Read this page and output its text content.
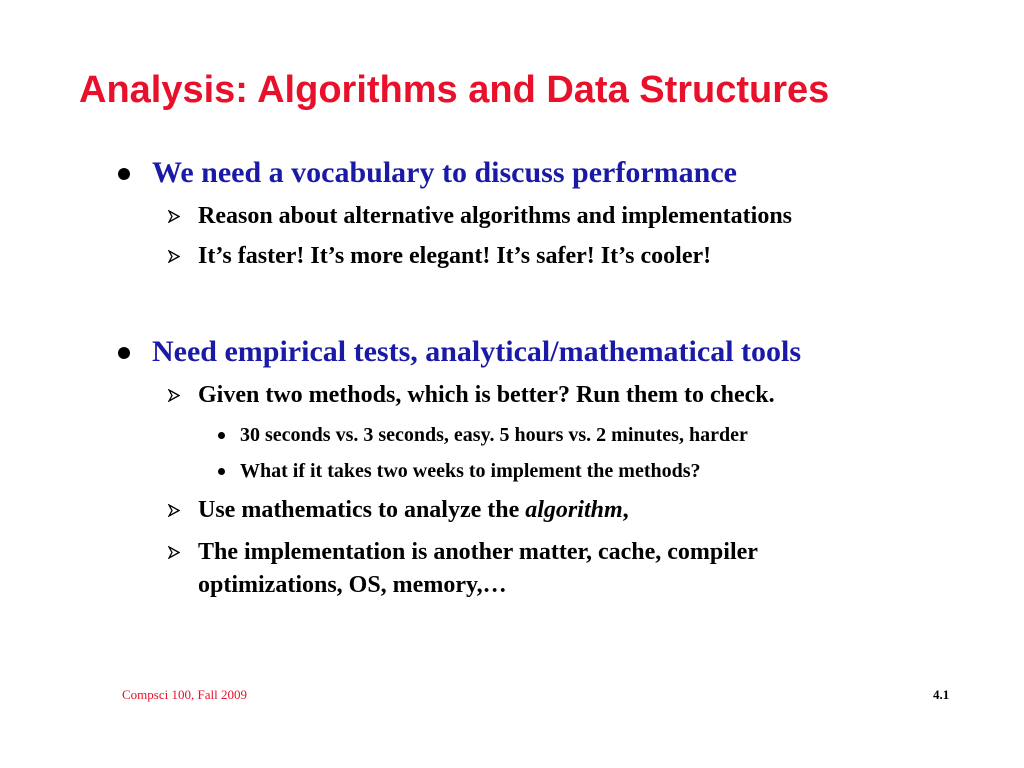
Analysis: Algorithms and Data Structures
We need a vocabulary to discuss performance
Reason about alternative algorithms and implementations
It’s faster! It’s more elegant! It’s safer! It’s cooler!
Need empirical tests, analytical/mathematical tools
Given two methods, which is better? Run them to check.
30 seconds vs. 3 seconds, easy. 5 hours vs. 2 minutes, harder
What if it takes two weeks to implement the methods?
Use mathematics to analyze the algorithm,
The implementation is another matter, cache, compiler
optimizations, OS, memory,…
Compsci 100, Fall 2009	4.1
